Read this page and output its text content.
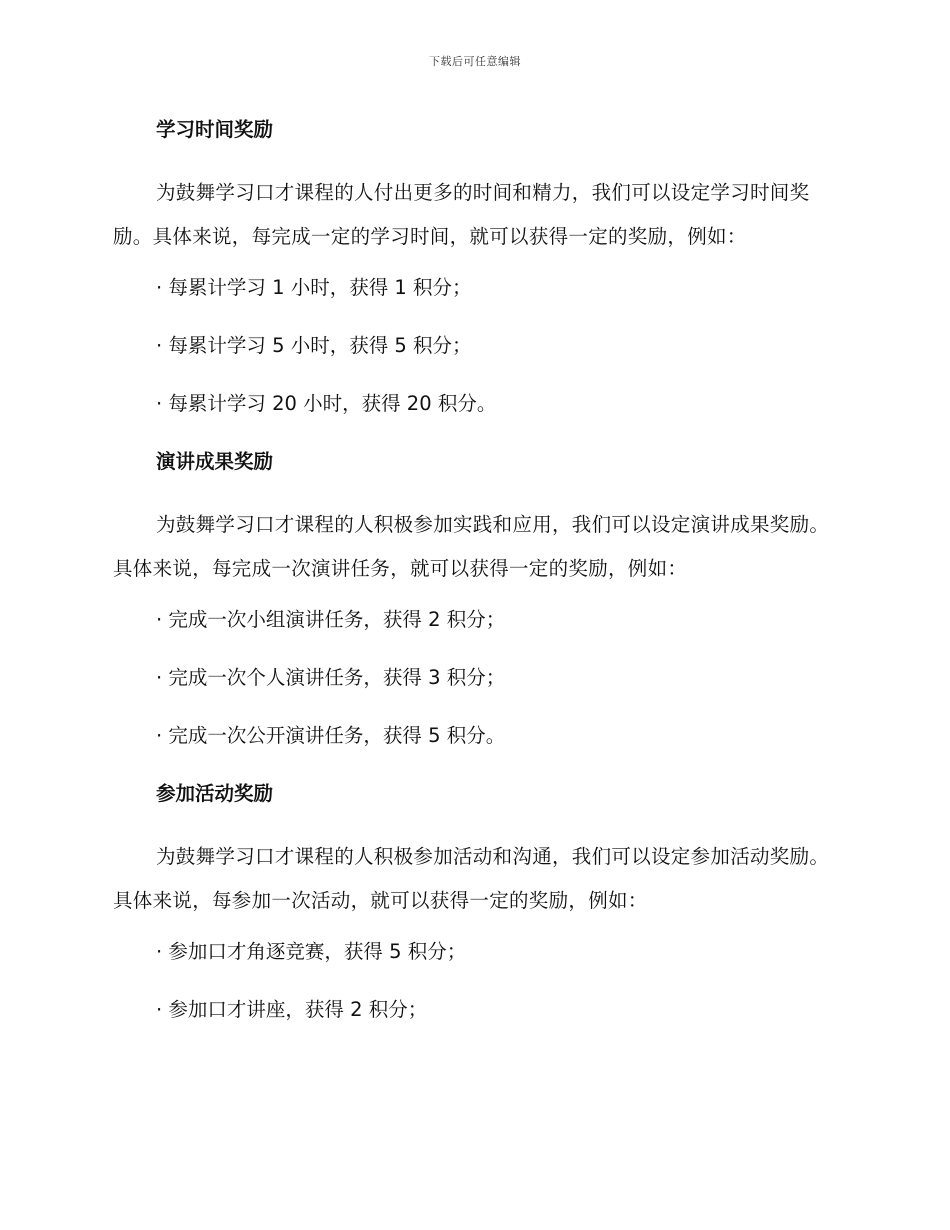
下载后可任意编辑
学习时间奖励
为鼓舞学习口才课程的人付出更多的时间和精力，我们可以设定学习时间奖励。具体来说，每完成一定的学习时间，就可以获得一定的奖励，例如：
· 每累计学习 1 小时，获得 1 积分；
· 每累计学习 5 小时，获得 5 积分；
· 每累计学习 20 小时，获得 20 积分。
演讲成果奖励
为鼓舞学习口才课程的人积极参加实践和应用，我们可以设定演讲成果奖励。具体来说，每完成一次演讲任务，就可以获得一定的奖励，例如：
· 完成一次小组演讲任务，获得 2 积分；
· 完成一次个人演讲任务，获得 3 积分；
· 完成一次公开演讲任务，获得 5 积分。
参加活动奖励
为鼓舞学习口才课程的人积极参加活动和沟通，我们可以设定参加活动奖励。具体来说，每参加一次活动，就可以获得一定的奖励，例如：
· 参加口才角逐竞赛，获得 5 积分；
· 参加口才讲座，获得 2 积分；
